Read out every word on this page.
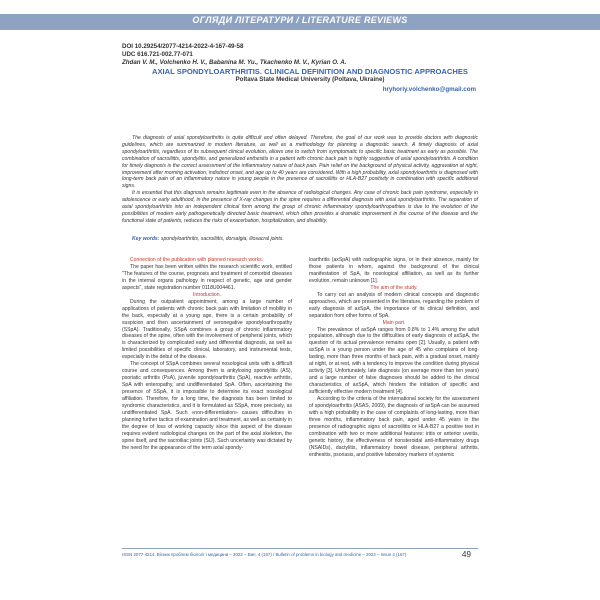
ОГЛЯДИ ЛІТЕРАТУРИ / LITERATURE REVIEWS
DOI 10.29254/2077-4214-2022-4-167-49-58
UDC 616.721-002.77-071
Zhdan V. M., Volchenko H. V., Babanina M. Yu., Tkachenko M. V., Kyrian O. A.
AXIAL SPONDYLOARTHRITIS. CLINICAL DEFINITION AND DIAGNOSTIC APPROACHES
Poltava State Medical University (Poltava, Ukraine)
hryhoriy.volchenko@gmail.com

The diagnosis of axial spondyloarthritis is quite difficult and often delayed. Therefore, the goal of our work was to provide doctors with diagnostic guidelines, which are summarized in modern literature, as well as a methodology for planning a diagnostic search. A timely diagnosis of axial spondyloarthritis, regardless of its subsequent clinical evolution, allows one to switch from symptomatic to specific basic treatment as early as possible. The combination of sacroiliitis, spondylitis, and generalized enthesitis in a patient with chronic back pain is highly suggestive of axial spondyloarthritis. A condition for timely diagnosis is the correct assessment of the inflammatory nature of back pain. Pain relief on the background of physical activity, aggravation at night, improvement after morning activation, indistinct onset, and age up to 40 years are considered. With a high probability, axial spondyloarthritis is diagnosed with long-term back pain of an inflammatory nature in young people in the presence of sacroiliitis or HLA-B27 positivity in combination with specific additional signs.

It is essential that this diagnosis remains legitimate even in the absence of radiological changes. Any case of chronic back pain syndrome, especially in adolescence or early adulthood, in the presence of X-ray changes in the spine requires a differential diagnosis with axial spondyloarthritis. The separation of axial spondyloarthritis into an independent clinical form among the group of chronic inflammatory spondyloarthropathies is due to the evolution of the possibilities of modern early pathogenetically directed basic treatment, which often provides a dramatic improvement in the course of the disease and the functional state of patients, reduces the risks of exacerbation, hospitalization, and disability.

Key words: spondyloarthritis, sacroiliitis, dorsalgia, iliosacral joints.
Connection of the publication with planned research works.

The paper has been written within the research scientific work, entitled "The features of the course, prognosis and treatment of comorbid diseases in the internal organs pathology in respect of genetic, age and gender aspects", state registration number 0118U004461.

Introduction.

During the outpatient appointment, among a large number of applications of patients with chronic back pain with limitation of mobility in the back, especially at a young age, there is a certain probability of suspicion and then ascertainment of seronegative spondyloarthropathy (SSpA). Traditionally, SSpA combines a group of chronic inflammatory diseases of the spine, often with the involvement of peripheral joints, which is characterized by complicated early and differential diagnosis, as well as limited possibilities of specific clinical, laboratory, and instrumental tests, especially in the debut of the disease.

The concept of SSpA combines several nosological units with a difficult course and consequences. Among them is ankylosing spondylitis (AS), psoriatic arthritis (PsA), juvenile spondyloarthritis (SpA), reactive arthritis, SpA with enteropathy, and undifferentiated SpA. Often, ascertaining the presence of SSpA, it is impossible to determine its exact nosological affiliation. Therefore, for a long time, the diagnosis has been limited to syndromic characteristics, and it is formulated as SSpA, more precisely, as undifferentiated SpA. Such «non-differentiation» causes difficulties in planning further tactics of examination and treatment, as well as certainty in the degree of loss of working capacity since this aspect of the disease requires evident radiological changes on the part of the axial skeleton, the spine itself, and the sacroiliac joints (SIJ). Such uncertainty was dictated by the need for the appearance of the term axial spondy-

loarthritis (axSpA) with radiographic signs, or in their absence, mainly for those patients in whom, against the background of the clinical manifestation of SpA, its nosological affiliation, as well as its further evolution, remain unknown [1].

The aim of the study.

To carry out an analysis of modern clinical concepts and diagnostic approaches, which are presented in the literature, regarding the problem of early diagnosis of axSpA, the importance of its clinical definition, and separation from other forms of SpA.

Main part.

The prevalence of axSpA ranges from 0.8% to 1.4% among the adult population, although due to the difficulties of early diagnosis of axSpA, the question of its actual prevalence remains open [2]. Usually, a patient with axSpA is a young person under the age of 45 who complains of long-lasting, more than three months of back pain, with a gradual onset, mainly at night, or at rest, with a tendency to improve the condition during physical activity [3]. Unfortunately, late diagnosis (on average more than ten years) and a large number of false diagnoses should be added to the clinical characteristics of axSpA, which hinders the initiation of specific and sufficiently effective modern treatment [4].

According to the criteria of the international society for the assessment of spondyloarthritis (ASAS, 2009), the diagnosis of axSpA can be assumed with a high probability in the case of complaints of long-lasting, more than three months, inflammatory back pain, aged under 45 years in the presence of radiographic signs of sacroiliitis or HLA-B27 a positive test in combination with two or more additional features: iritis or anterior uveitis, genetic history, the effectiveness of nonsteroidal anti-inflammatory drugs (NSAIDs), dactylitis, inflammatory bowel disease, peripheral arthritis, enthesitis, psoriasis, and positive laboratory markers of systemic

ISSN 2077-4214. Вісник проблем біології і медицини – 2022 – Вип. 4 (167) / Bulletin of problems in biology and medicine – 2022 – Issue 4 (167)	49
